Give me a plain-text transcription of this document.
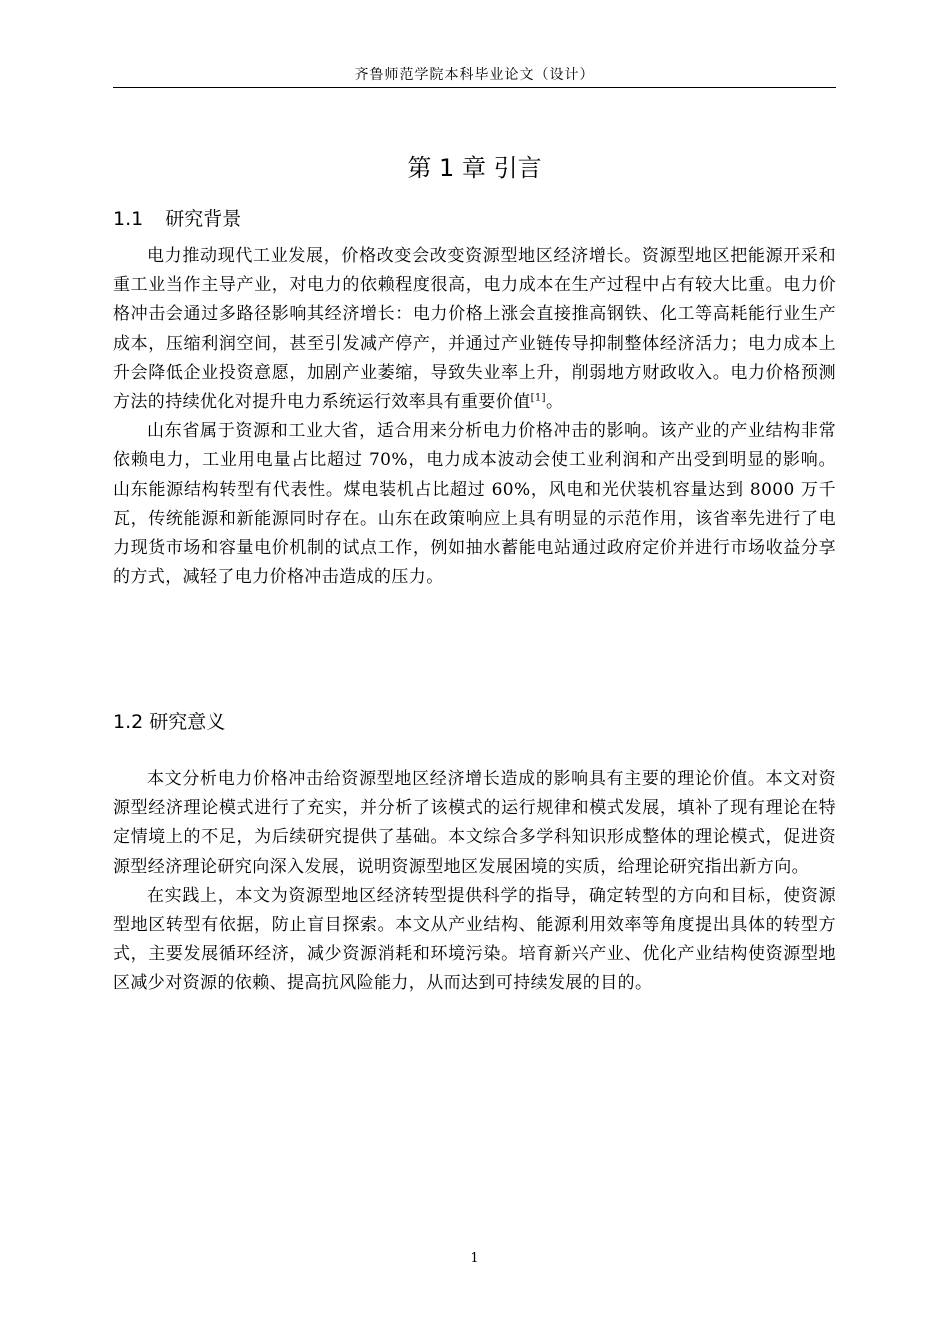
齐鲁师范学院本科毕业论文（设计）
第 1 章 引言
1.1 研究背景

电力推动现代工业发展，价格改变会改变资源型地区经济增长。资源型地区把能源开采和重工业当作主导产业，对电力的依赖程度很高，电力成本在生产过程中占有较大比重。电力价格冲击会通过多路径影响其经济增长：电力价格上涨会直接推高钢铁、化工等高耗能行业生产成本，压缩利润空间，甚至引发减产停产，并通过产业链传导抑制整体经济活力；电力成本上升会降低企业投资意愿，加剧产业萎缩，导致失业率上升，削弱地方财政收入。电力价格预测方法的持续优化对提升电力系统运行效率具有重要价值[1]。

山东省属于资源和工业大省，适合用来分析电力价格冲击的影响。该产业的产业结构非常依赖电力，工业用电量占比超过 70%，电力成本波动会使工业利润和产出受到明显的影响。山东能源结构转型有代表性。煤电装机占比超过 60%，风电和光伏装机容量达到 8000 万千瓦，传统能源和新能源同时存在。山东在政策响应上具有明显的示范作用，该省率先进行了电力现货市场和容量电价机制的试点工作，例如抽水蓄能电站通过政府定价并进行市场收益分享的方式，减轻了电力价格冲击造成的压力。

1.2 研究意义

本文分析电力价格冲击给资源型地区经济增长造成的影响具有主要的理论价值。本文对资源型经济理论模式进行了充实，并分析了该模式的运行规律和模式发展，填补了现有理论在特定情境上的不足，为后续研究提供了基础。本文综合多学科知识形成整体的理论模式，促进资源型经济理论研究向深入发展，说明资源型地区发展困境的实质，给理论研究指出新方向。

在实践上，本文为资源型地区经济转型提供科学的指导，确定转型的方向和目标，使资源型地区转型有依据，防止盲目探索。本文从产业结构、能源利用效率等角度提出具体的转型方式，主要发展循环经济，减少资源消耗和环境污染。培育新兴产业、优化产业结构使资源型地区减少对资源的依赖、提高抗风险能力，从而达到可持续发展的目的。

1
